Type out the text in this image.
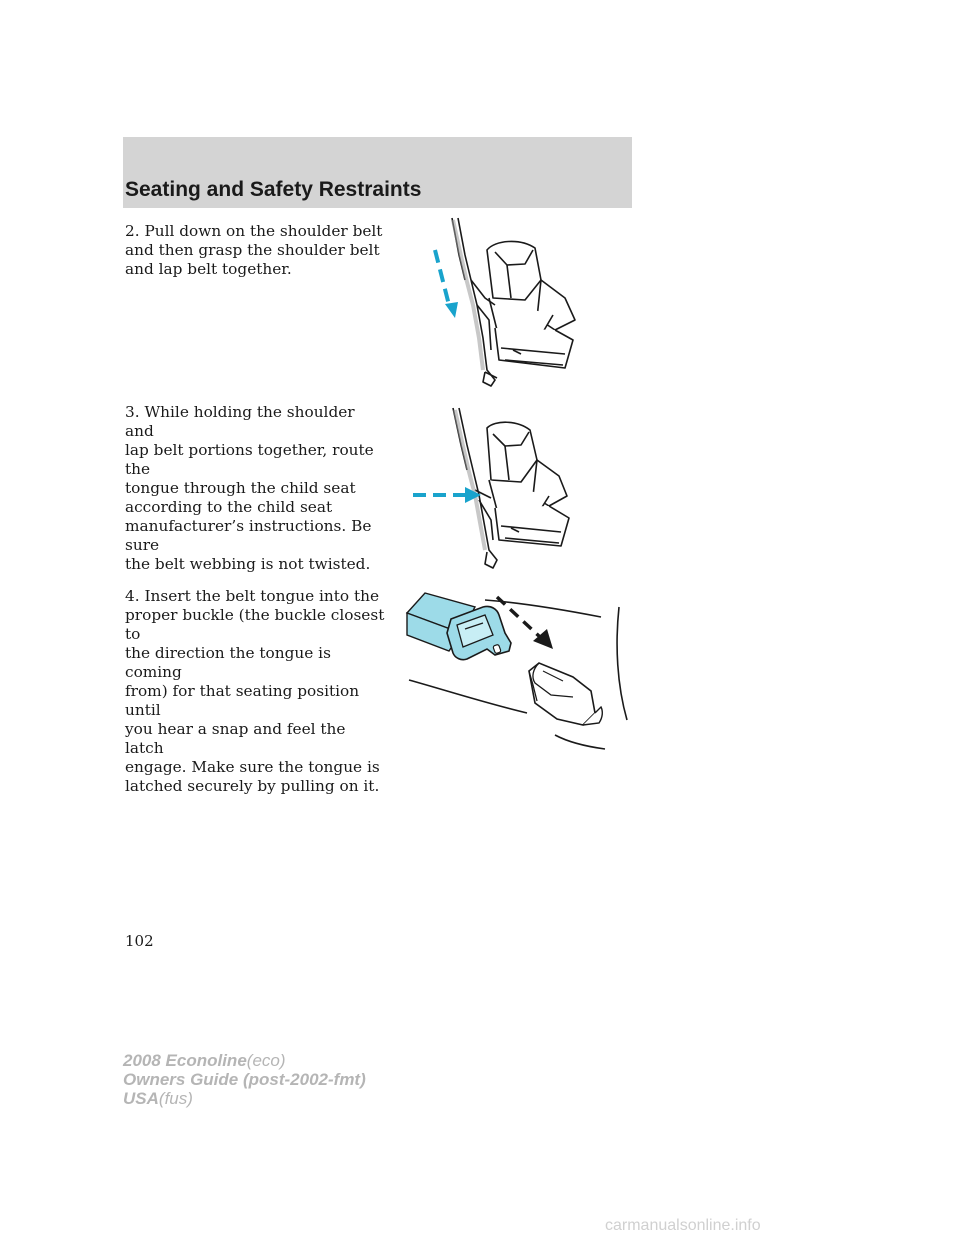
Seating and Safety Restraints

2. Pull down on the shoulder belt

and then grasp the shoulder belt

and lap belt together.

3. While holding the shoulder and

lap belt portions together, route the

tongue through the child seat

according to the child seat

manufacturer’s instructions. Be sure

the belt webbing is not twisted.

4. Insert the belt tongue into the

proper buckle (the buckle closest to

the direction the tongue is coming

from) for that seating position until

you hear a snap and feel the latch

engage. Make sure the tongue is

latched securely by pulling on it.

102
2008 Econoline(eco)
Owners Guide (post-2002-fmt)
USA(fus)
carmanualsonline.info
